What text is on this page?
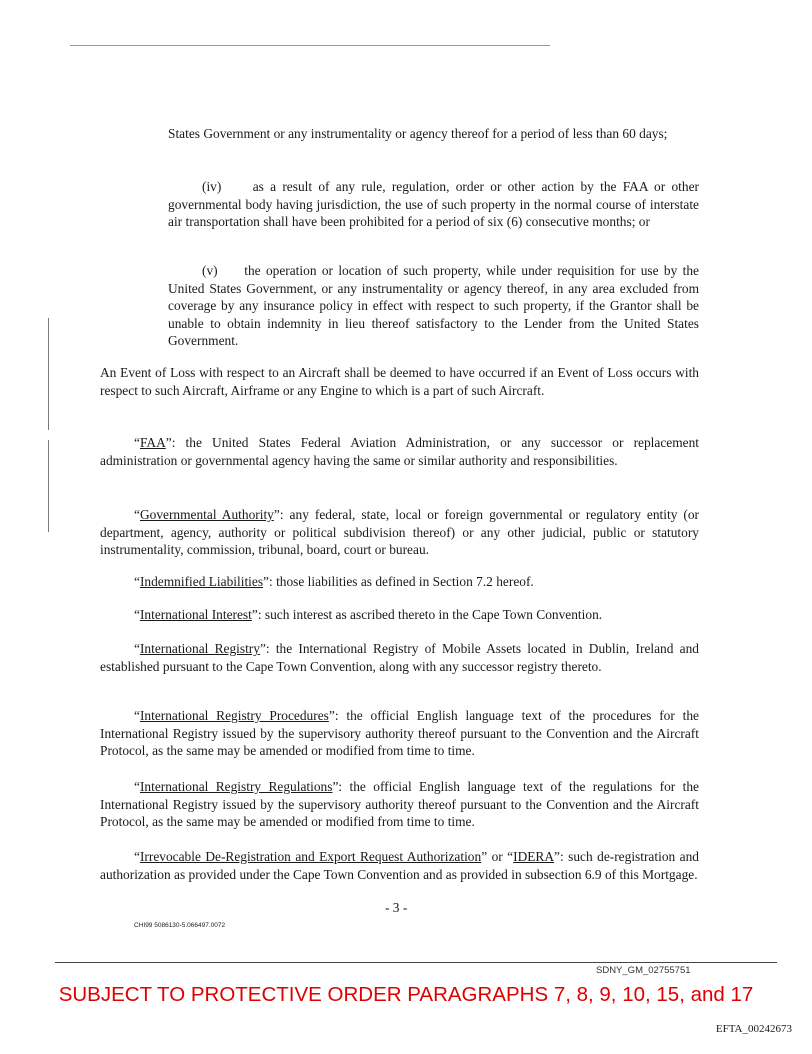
States Government or any instrumentality or agency thereof for a period of less than 60 days;

(iv) as a result of any rule, regulation, order or other action by the FAA or other governmental body having jurisdiction, the use of such property in the normal course of interstate air transportation shall have been prohibited for a period of six (6) consecutive months; or

(v) the operation or location of such property, while under requisition for use by the United States Government, or any instrumentality or agency thereof, in any area excluded from coverage by any insurance policy in effect with respect to such property, if the Grantor shall be unable to obtain indemnity in lieu thereof satisfactory to the Lender from the United States Government.

An Event of Loss with respect to an Aircraft shall be deemed to have occurred if an Event of Loss occurs with respect to such Aircraft, Airframe or any Engine to which is a part of such Aircraft.

“FAA”: the United States Federal Aviation Administration, or any successor or replacement administration or governmental agency having the same or similar authority and responsibilities.

“Governmental Authority”: any federal, state, local or foreign governmental or regulatory entity (or department, agency, authority or political subdivision thereof) or any other judicial, public or statutory instrumentality, commission, tribunal, board, court or bureau.

“Indemnified Liabilities”: those liabilities as defined in Section 7.2 hereof.

“International Interest”: such interest as ascribed thereto in the Cape Town Convention.

“International Registry”: the International Registry of Mobile Assets located in Dublin, Ireland and established pursuant to the Cape Town Convention, along with any successor registry thereto.

“International Registry Procedures”: the official English language text of the procedures for the International Registry issued by the supervisory authority thereof pursuant to the Convention and the Aircraft Protocol, as the same may be amended or modified from time to time.

“International Registry Regulations”: the official English language text of the regulations for the International Registry issued by the supervisory authority thereof pursuant to the Convention and the Aircraft Protocol, as the same may be amended or modified from time to time.

“Irrevocable De-Registration and Export Request Authorization” or “IDERA”: such de-registration and authorization as provided under the Cape Town Convention and as provided in subsection 6.9 of this Mortgage.

- 3 -
CHI99 5086130-5.066497.0072
SDNY_GM_02755751
SUBJECT TO PROTECTIVE ORDER PARAGRAPHS 7, 8, 9, 10, 15, and 17
EFTA_00242673
